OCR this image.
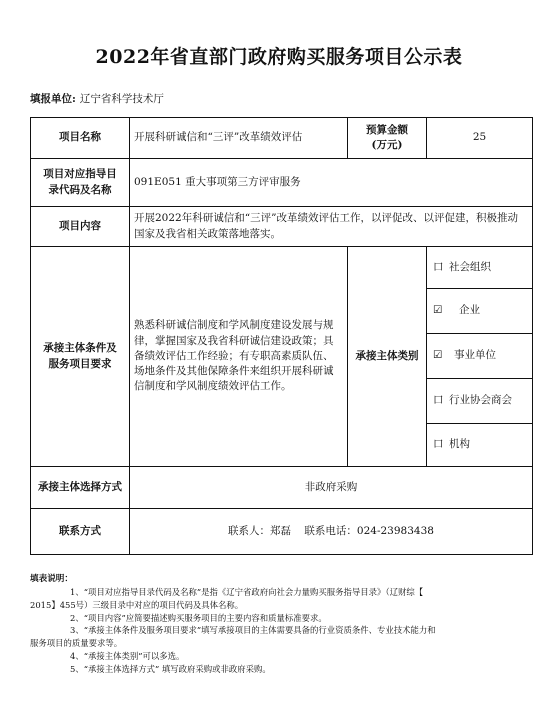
2022年省直部门政府购买服务项目公示表
填报单位: 辽宁省科学技术厅
项目名称	开展科研诚信和“三评”改革绩效评估	预算金额
(万元)	25

项目对应指导目
录代码及名称	091E051 重大事项第三方评审服务		
项目内容	开展2022年科研诚信和“三评”改革绩效评估工作，以评促改、以评促建，积极推动国家及我省相关政策落地落实。		

承接主体条件及
服务项目要求	熟悉科研诚信制度和学风制度建设发展与规律，掌握国家及我省科研诚信建设政策；具备绩效评估工作经验；有专职高素质队伍、场地条件及其他保障条件来组织开展科研诚信制度和学风制度绩效评估工作。	承接主体类别	口 社会组织
			☑ 企业
			☑ 事业单位
			口 行业协会商会
			口 机构
承接主体选择方式	非政府采购		
联系方式	联系人：郑磊    联系电话：024-23983438		
填表说明：
1、“项目对应指导目录代码及名称”是指《辽宁省政府向社会力量购买服务指导目录》（辽财综【
2015】455号）三级目录中对应的项目代码及具体名称。
2、“项目内容”应简要描述购买服务项目的主要内容和质量标准要求。
3、“承接主体条件及服务项目要求”填写承接项目的主体需要具备的行业资质条件、专业技术能力和
服务项目的质量要求等。
4、“承接主体类别”可以多选。
5、“承接主体选择方式” 填写政府采购或非政府采购。
